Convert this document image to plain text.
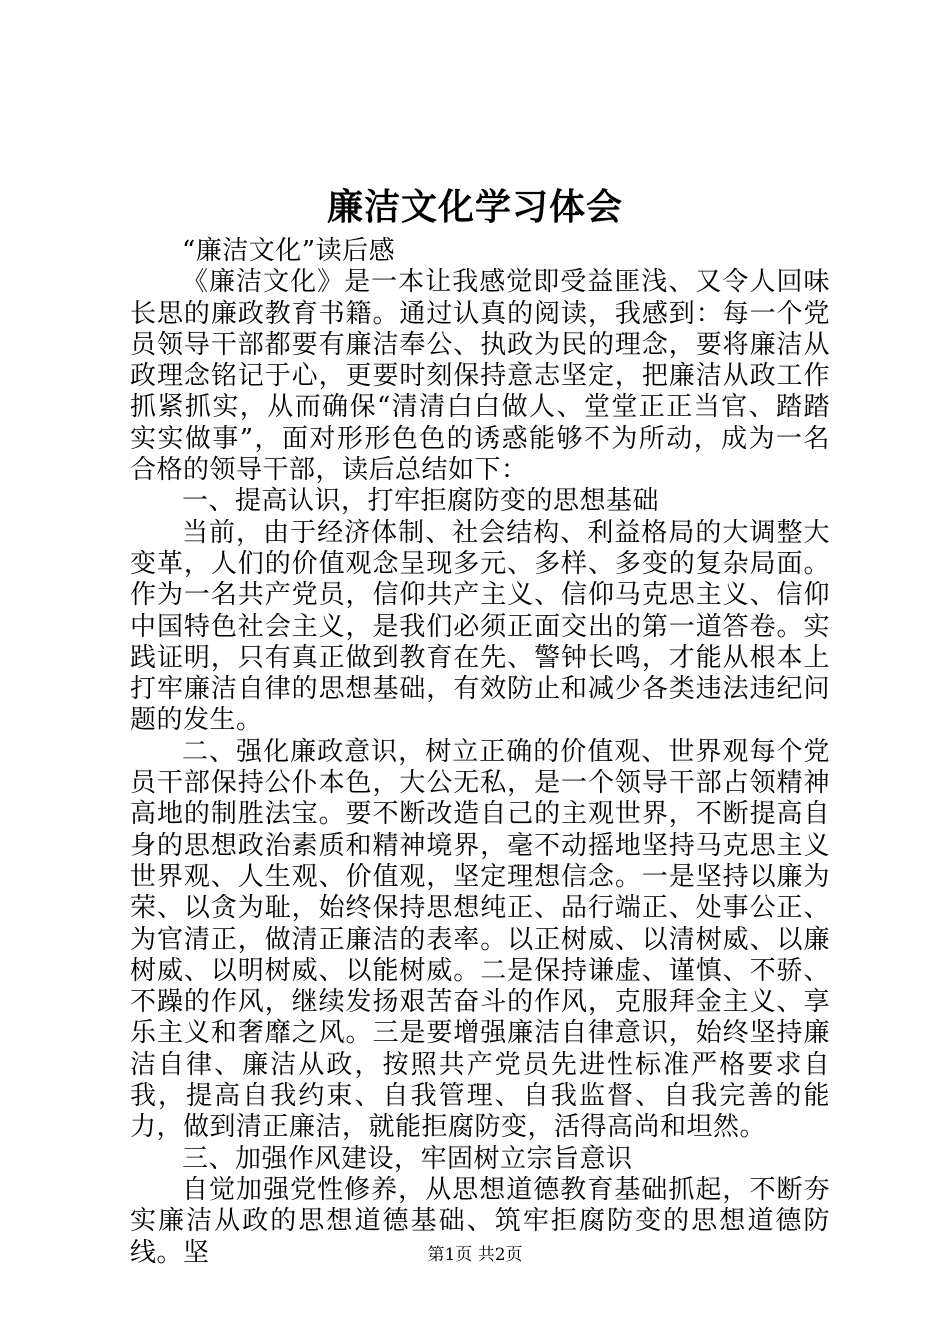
廉洁文化学习体会

“廉洁文化”读后感

《廉洁文化》是一本让我感觉即受益匪浅、又令人回味长思的廉政教育书籍。通过认真的阅读，我感到：每一个党员领导干部都要有廉洁奉公、执政为民的理念，要将廉洁从政理念铭记于心，更要时刻保持意志坚定，把廉洁从政工作抓紧抓实，从而确保“清清白白做人、堂堂正正当官、踏踏实实做事”，面对形形色色的诱惑能够不为所动，成为一名合格的领导干部，读后总结如下：

一、提高认识，打牢拒腐防变的思想基础

当前，由于经济体制、社会结构、利益格局的大调整大变革，人们的价值观念呈现多元、多样、多变的复杂局面。作为一名共产党员，信仰共产主义、信仰马克思主义、信仰中国特色社会主义，是我们必须正面交出的第一道答卷。实践证明，只有真正做到教育在先、警钟长鸣，才能从根本上打牢廉洁自律的思想基础，有效防止和减少各类违法违纪问题的发生。

二、强化廉政意识，树立正确的价值观、世界观每个党员干部保持公仆本色，大公无私，是一个领导干部占领精神高地的制胜法宝。要不断改造自己的主观世界，不断提高自身的思想政治素质和精神境界，毫不动摇地坚持马克思主义世界观、人生观、价值观，坚定理想信念。一是坚持以廉为荣、以贪为耻，始终保持思想纯正、品行端正、处事公正、为官清正，做清正廉洁的表率。以正树威、以清树威、以廉树威、以明树威、以能树威。二是保持谦虚、谨慎、不骄、不躁的作风，继续发扬艰苦奋斗的作风，克服拜金主义、享乐主义和奢靡之风。三是要增强廉洁自律意识，始终坚持廉洁自律、廉洁从政，按照共产党员先进性标准严格要求自我，提高自我约束、自我管理、自我监督、自我完善的能力，做到清正廉洁，就能拒腐防变，活得高尚和坦然。

三、加强作风建设，牢固树立宗旨意识

自觉加强党性修养，从思想道德教育基础抓起，不断夯实廉洁从政的思想道德基础、筑牢拒腐防变的思想道德防线。坚	第1页 共2页
